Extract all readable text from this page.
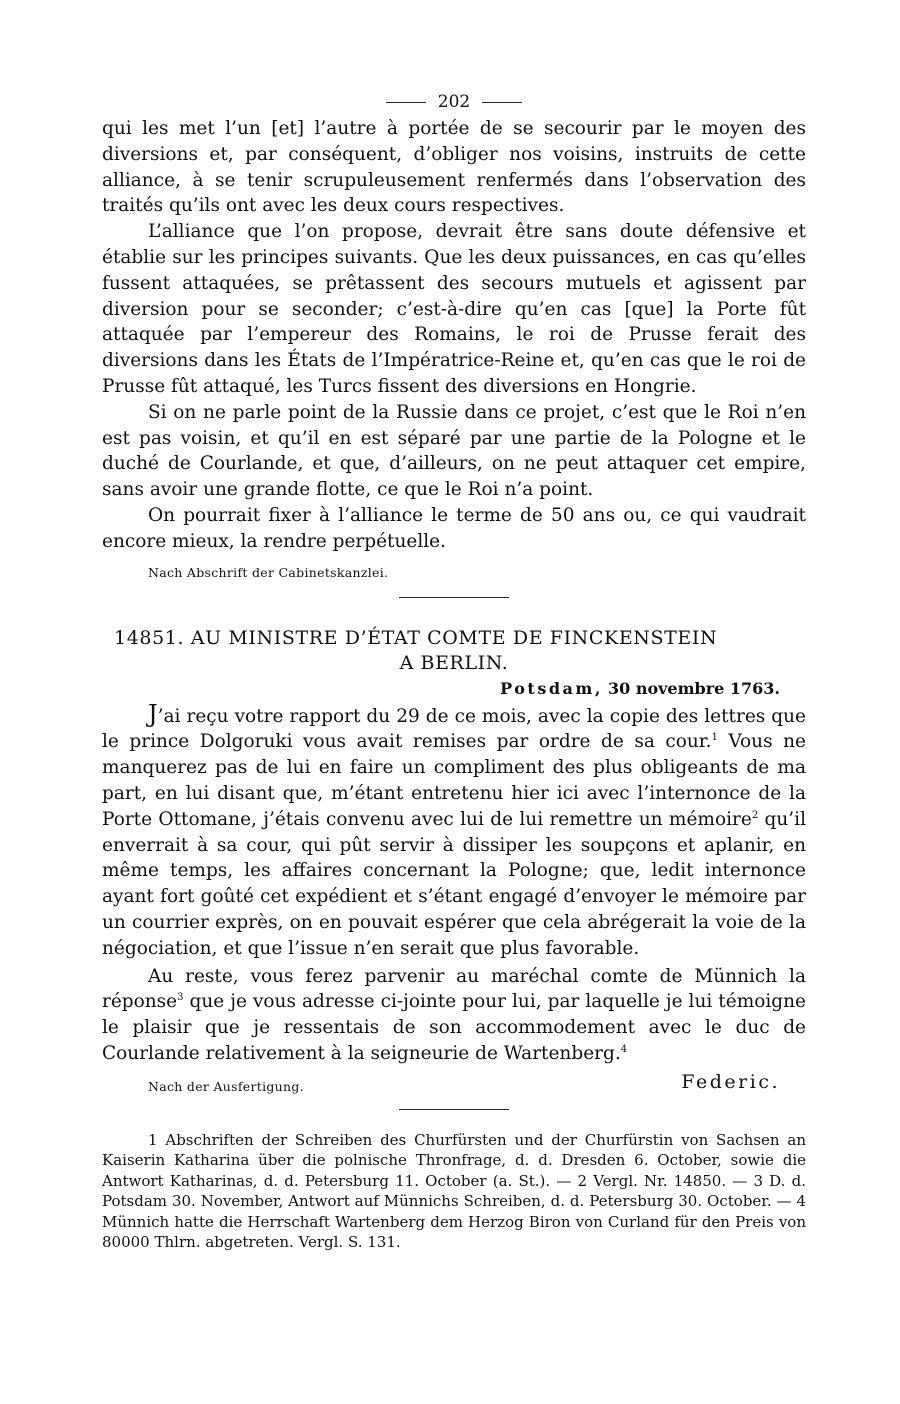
202

qui les met l’un [et] l’autre à portée de se secourir par le moyen des diversions et, par conséquent, d’obliger nos voisins, instruits de cette alliance, à se tenir scrupuleusement renfermés dans l’observation des traités qu’ils ont avec les deux cours respectives.

L’alliance que l’on propose, devrait être sans doute défensive et établie sur les principes suivants. Que les deux puissances, en cas qu’elles fussent attaquées, se prêtassent des secours mutuels et agissent par diversion pour se seconder; c’est-à-dire qu’en cas [que] la Porte fût attaquée par l’empereur des Romains, le roi de Prusse ferait des diversions dans les États de l’Impératrice-Reine et, qu’en cas que le roi de Prusse fût attaqué, les Turcs fissent des diversions en Hongrie.

Si on ne parle point de la Russie dans ce projet, c’est que le Roi n’en est pas voisin, et qu’il en est séparé par une partie de la Pologne et le duché de Courlande, et que, d’ailleurs, on ne peut attaquer cet empire, sans avoir une grande flotte, ce que le Roi n’a point.

On pourrait fixer à l’alliance le terme de 50 ans ou, ce qui vaudrait encore mieux, la rendre perpétuelle.

Nach Abschrift der Cabinetskanzlei.
14851. AU MINISTRE D’ÉTAT COMTE DE FINCKENSTEIN
A BERLIN.
Potsdam, 30 novembre 1763.

J’ai reçu votre rapport du 29 de ce mois, avec la copie des lettres que le prince Dolgoruki vous avait remises par ordre de sa cour.$^1$ Vous ne manquerez pas de lui en faire un compliment des plus obligeants de ma part, en lui disant que, m’étant entretenu hier ici avec l’internonce de la Porte Ottomane, j’étais convenu avec lui de lui remettre un mémoire$^2$ qu’il enverrait à sa cour, qui pût servir à dissiper les soupçons et aplanir, en même temps, les affaires concernant la Pologne; que, ledit internonce ayant fort goûté cet expédient et s’étant engagé d’envoyer le mémoire par un courrier exprès, on en pouvait espérer que cela abrégerait la voie de la négociation, et que l’issue n’en serait que plus favorable.

Au reste, vous ferez parvenir au maréchal comte de Münnich la réponse$^3$ que je vous adresse ci-jointe pour lui, par laquelle je lui témoigne le plaisir que je ressentais de son accommodement avec le duc de Courlande relativement à la seigneurie de Wartenberg.$^4$

Nach der Ausfertigung.	Federic.
1 Abschriften der Schreiben des Churfürsten und der Churfürstin von Sachsen an Kaiserin Katharina über die polnische Thronfrage, d. d. Dresden 6. October, sowie die Antwort Katharinas, d. d. Petersburg 11. October (a. St.). — 2 Vergl. Nr. 14850. — 3 D. d. Potsdam 30. November, Antwort auf Münnichs Schreiben, d. d. Petersburg 30. October. — 4 Münnich hatte die Herrschaft Wartenberg dem Herzog Biron von Curland für den Preis von 80000 Thlrn. abgetreten. Vergl. S. 131.
